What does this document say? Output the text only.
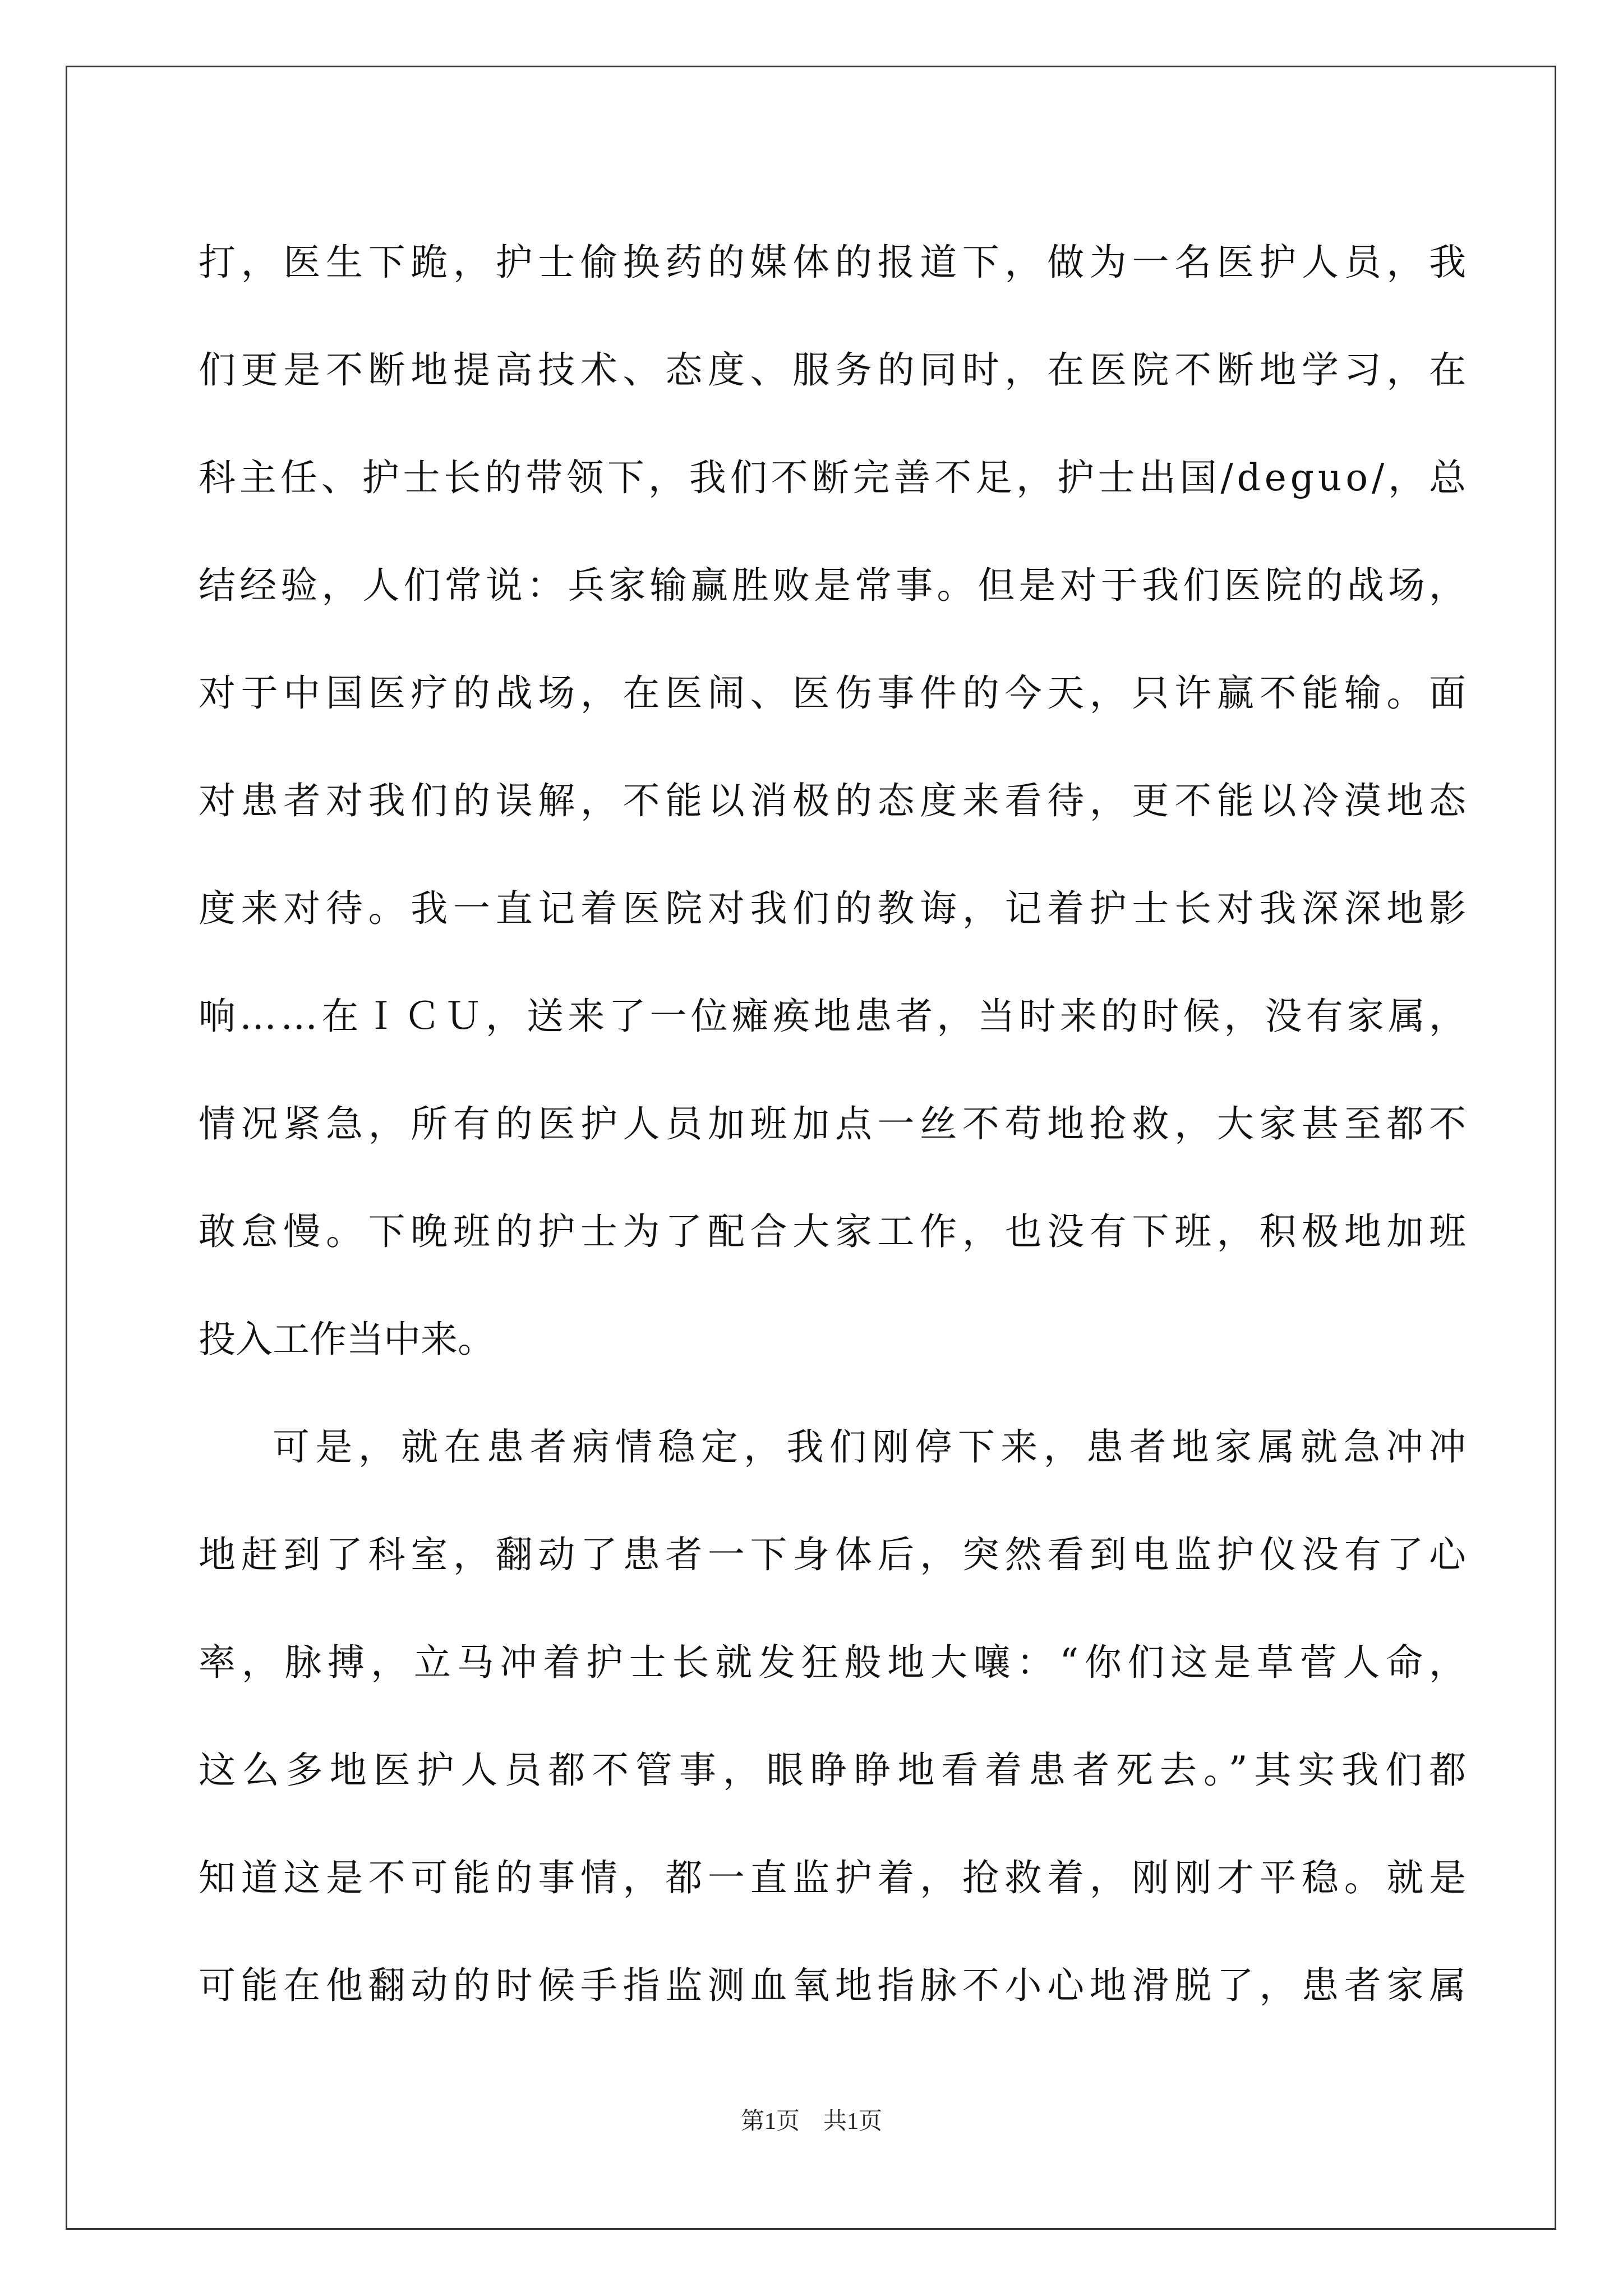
打，医生下跪，护士偷换药的媒体的报道下，做为一名医护人员，我
们更是不断地提高技术、态度、服务的同时，在医院不断地学习，在
科主任、护士长的带领下，我们不断完善不足，护士出国/deguo/，总
结经验，人们常说：兵家输赢胜败是常事。但是对于我们医院的战场，
对于中国医疗的战场，在医闹、医伤事件的今天，只许赢不能输。面
对患者对我们的误解，不能以消极的态度来看待，更不能以冷漠地态
度来对待。我一直记着医院对我们的教诲，记着护士长对我深深地影
响……在ＩＣＵ，送来了一位瘫痪地患者，当时来的时候，没有家属，
情况紧急，所有的医护人员加班加点一丝不苟地抢救，大家甚至都不
敢怠慢。下晚班的护士为了配合大家工作，也没有下班，积极地加班
投入工作当中来。
可是，就在患者病情稳定，我们刚停下来，患者地家属就急冲冲
地赶到了科室，翻动了患者一下身体后，突然看到电监护仪没有了心
率，脉搏，立马冲着护士长就发狂般地大嚷：“你们这是草菅人命，
这么多地医护人员都不管事，眼睁睁地看着患者死去。”其实我们都
知道这是不可能的事情，都一直监护着，抢救着，刚刚才平稳。就是
可能在他翻动的时候手指监测血氧地指脉不小心地滑脱了，患者家属
第1页　共1页
